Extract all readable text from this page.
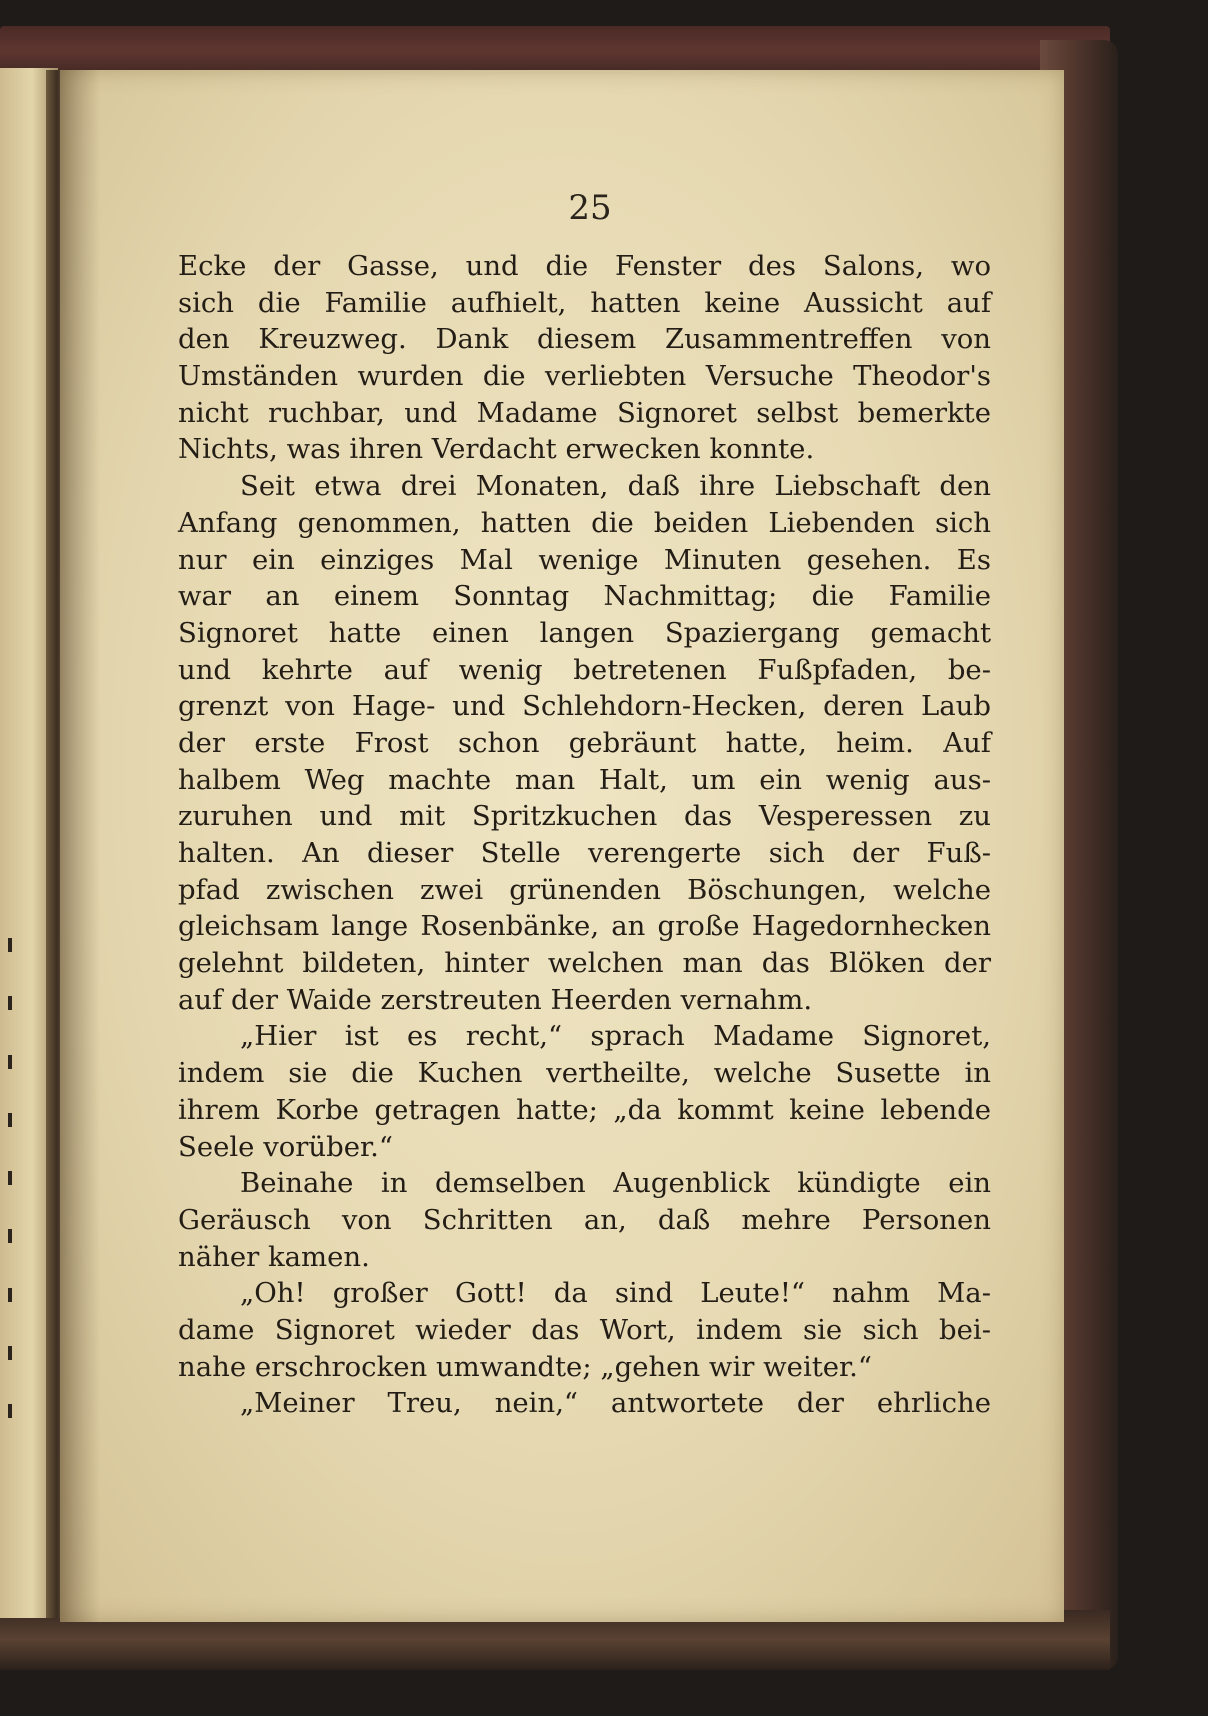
25
Ecke der Gasse, und die Fenster des Salons, wo
sich die Familie aufhielt, hatten keine Aussicht auf
den Kreuzweg. Dank diesem Zusammentreffen von
Umständen wurden die verliebten Versuche Theodor's
nicht ruchbar, und Madame Signoret selbst bemerkte
Nichts, was ihren Verdacht erwecken konnte.
Seit etwa drei Monaten, daß ihre Liebschaft den
Anfang genommen, hatten die beiden Liebenden sich
nur ein einziges Mal wenige Minuten gesehen. Es
war an einem Sonntag Nachmittag; die Familie
Signoret hatte einen langen Spaziergang gemacht
und kehrte auf wenig betretenen Fußpfaden, be-
grenzt von Hage- und Schlehdorn-Hecken, deren Laub
der erste Frost schon gebräunt hatte, heim. Auf
halbem Weg machte man Halt, um ein wenig aus-
zuruhen und mit Spritzkuchen das Vesperessen zu
halten. An dieser Stelle verengerte sich der Fuß-
pfad zwischen zwei grünenden Böschungen, welche
gleichsam lange Rosenbänke, an große Hagedornhecken
gelehnt bildeten, hinter welchen man das Blöken der
auf der Waide zerstreuten Heerden vernahm.
„Hier ist es recht,“ sprach Madame Signoret,
indem sie die Kuchen vertheilte, welche Susette in
ihrem Korbe getragen hatte; „da kommt keine lebende
Seele vorüber.“
Beinahe in demselben Augenblick kündigte ein
Geräusch von Schritten an, daß mehre Personen
näher kamen.
„Oh! großer Gott! da sind Leute!“ nahm Ma-
dame Signoret wieder das Wort, indem sie sich bei-
nahe erschrocken umwandte; „gehen wir weiter.“
„Meiner Treu, nein,“ antwortete der ehrliche
